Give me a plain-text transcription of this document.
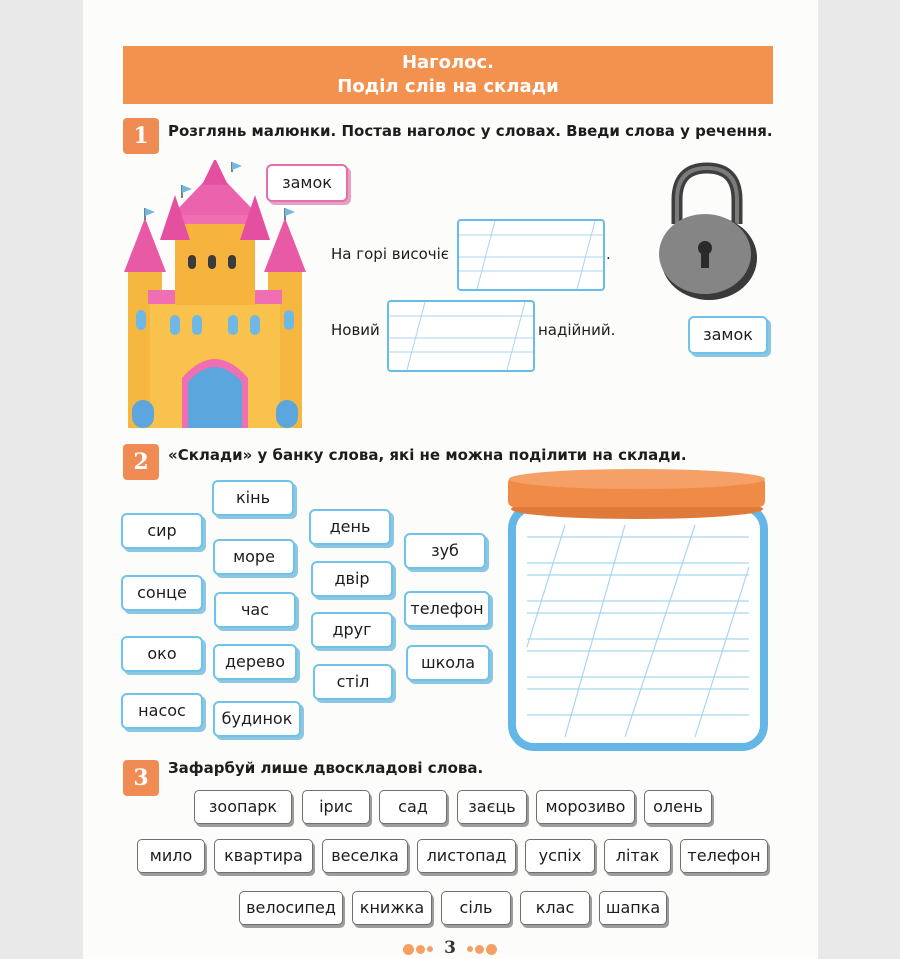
Наголос.
Поділ слів на склади
1	Розглянь малюнки. Постав наголос у словах. Введи слова у речення.
замок
На горі височіє	.
Новий	надійний.	замок
2	«Склади» у банку слова, які не можна поділити на склади.
кінь
сир	день
зуб
море
сонце
двір
час	телефон
друг
око	дерево	школа
стіл
насос	будинок
3	Зафарбуй лише двоскладові слова.
зоопарк	ірис	сад	заєць	морозиво	олень
мило	квартира	веселка	листопад	успіх	літак	телефон
велосипед	книжка	сіль	клас	шапка
3
